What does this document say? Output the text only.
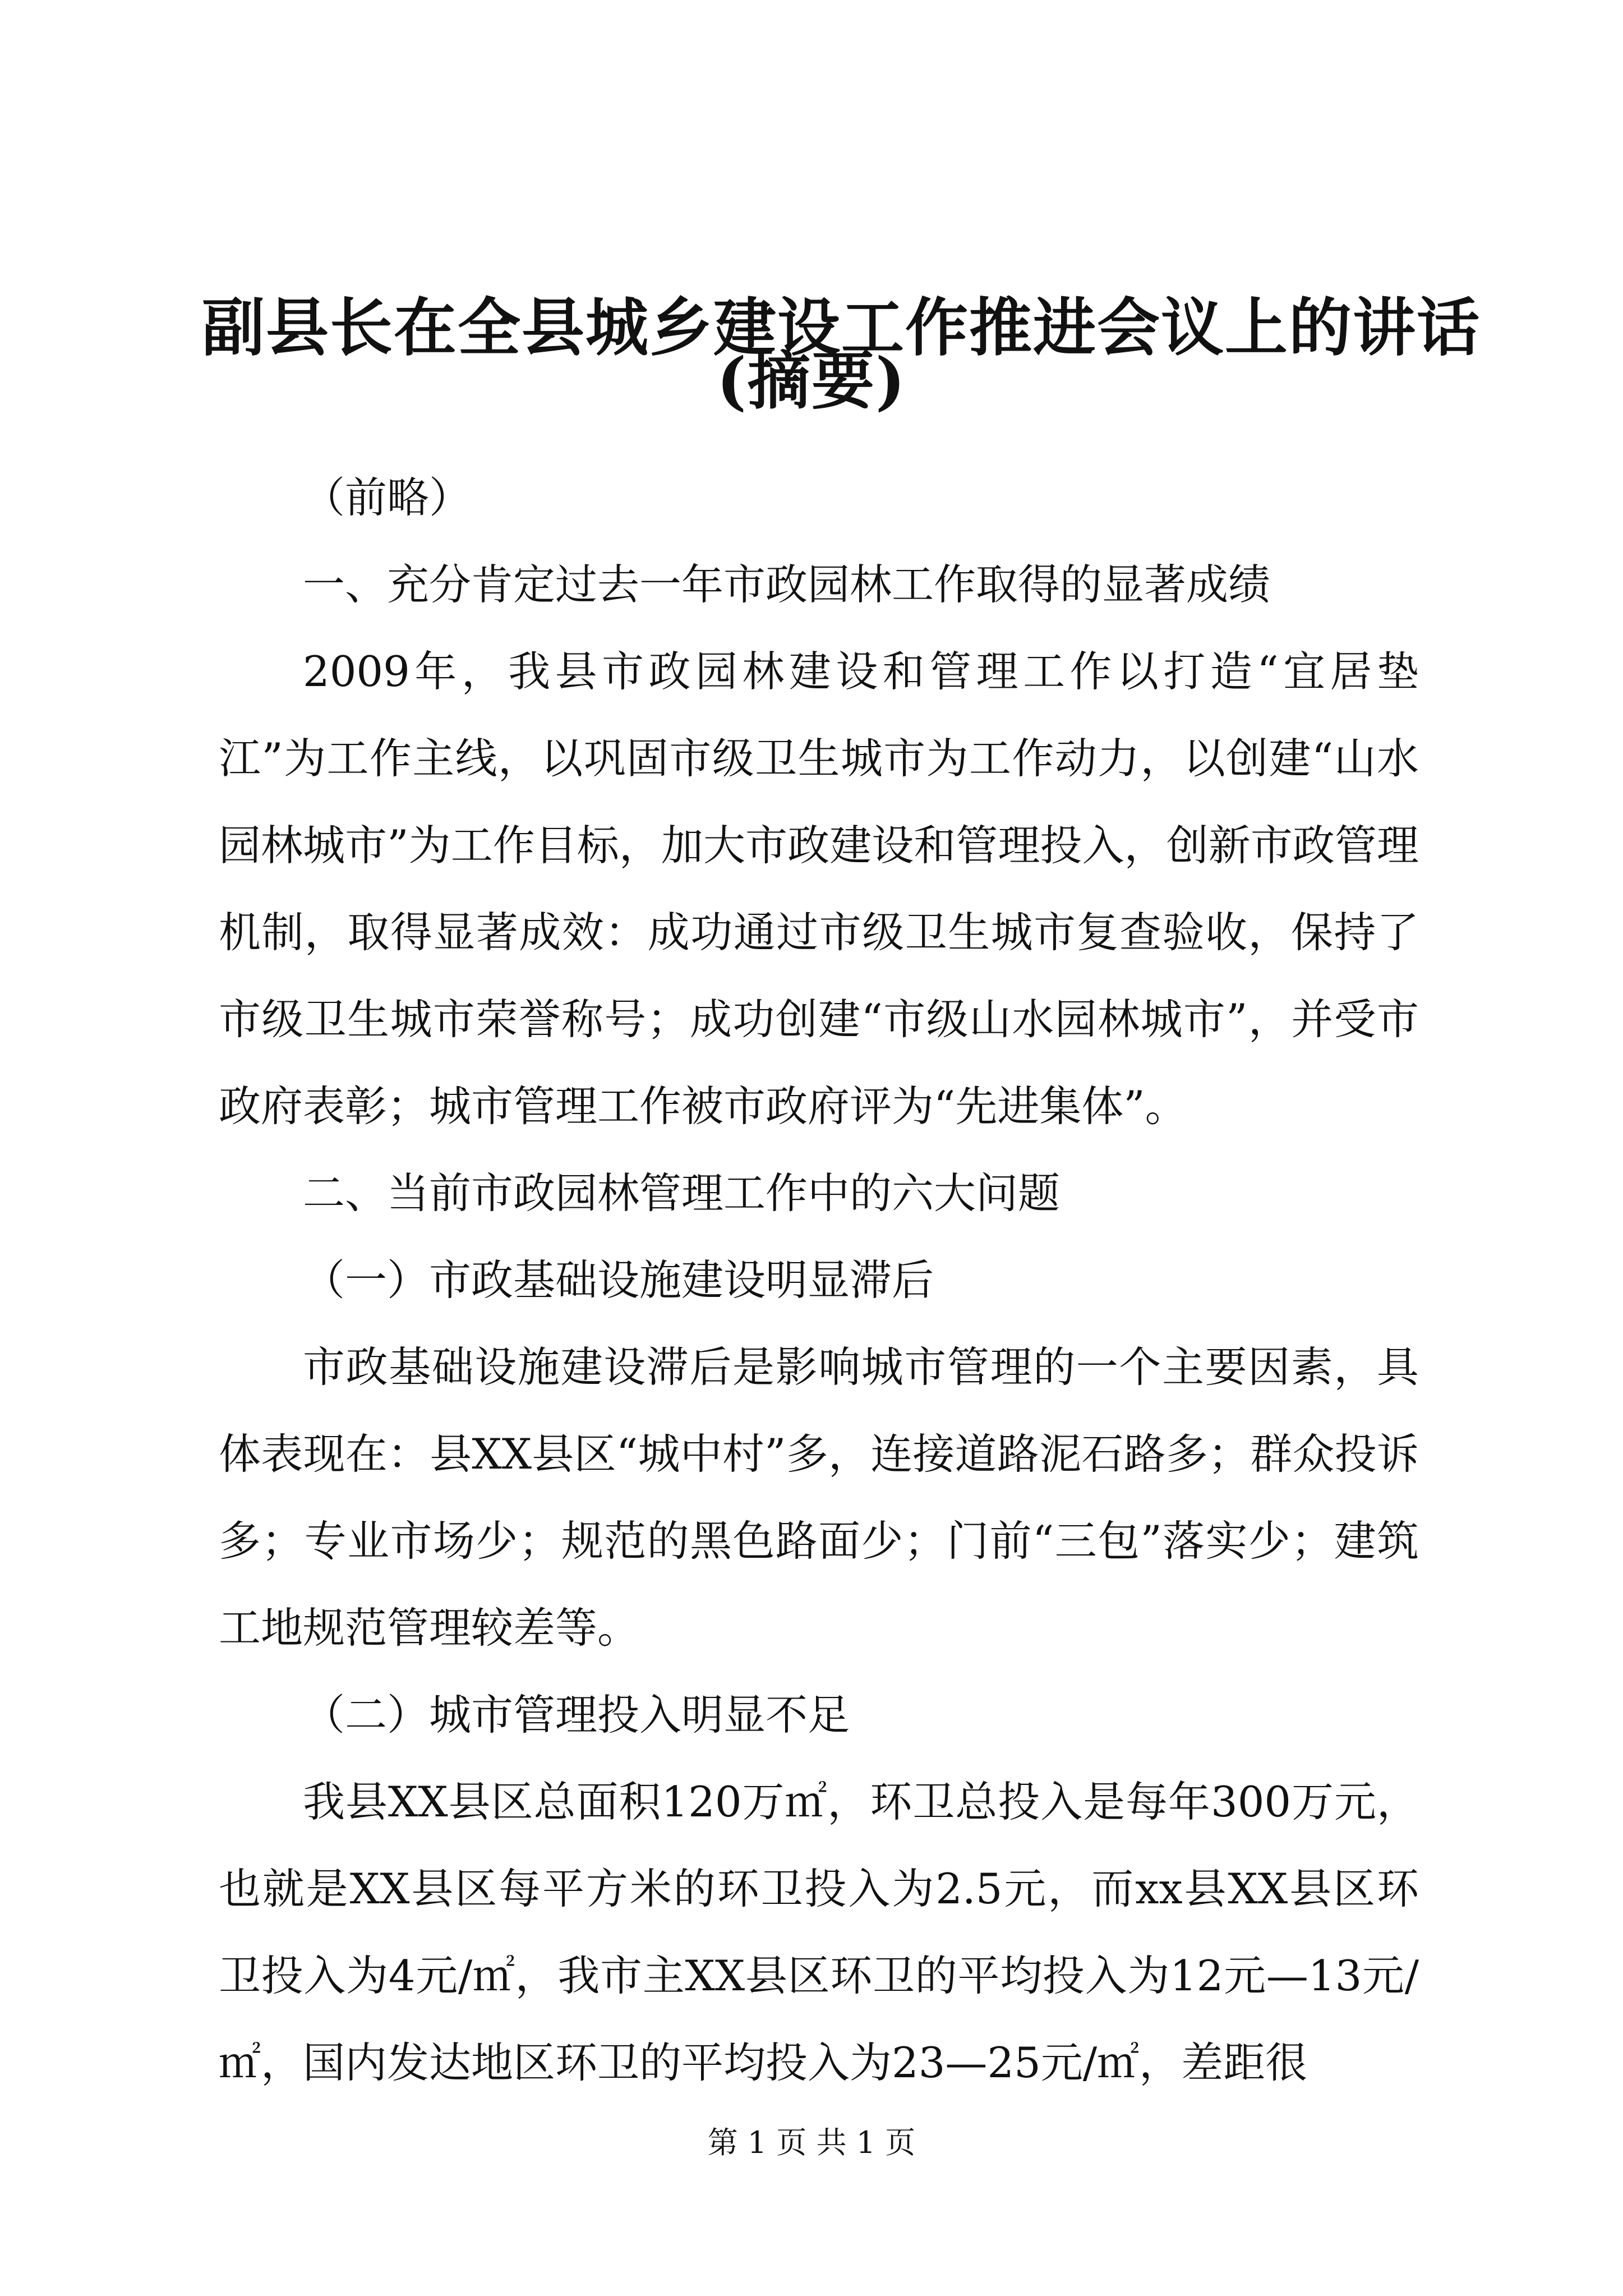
副县长在全县城乡建设工作推进会议上的讲话
(摘要)

（前略）

一、充分肯定过去一年市政园林工作取得的显著成绩

2009年，我县市政园林建设和管理工作以打造“宜居垫江”为工作主线，以巩固市级卫生城市为工作动力，以创建“山水园林城市”为工作目标，加大市政建设和管理投入，创新市政管理机制，取得显著成效：成功通过市级卫生城市复查验收，保持了市级卫生城市荣誉称号；成功创建“市级山水园林城市”，并受市政府表彰；城市管理工作被市政府评为“先进集体”。

二、当前市政园林管理工作中的六大问题

（一）市政基础设施建设明显滞后

市政基础设施建设滞后是影响城市管理的一个主要因素，具体表现在：县XX县区“城中村”多，连接道路泥石路多；群众投诉多；专业市场少；规范的黑色路面少；门前“三包”落实少；建筑工地规范管理较差等。

（二）城市管理投入明显不足

我县XX县区总面积120万㎡，环卫总投入是每年300万元，也就是XX县区每平方米的环卫投入为2.5元，而xx县XX县区环卫投入为4元/㎡，我市主XX县区环卫的平均投入为12元—13元/㎡，国内发达地区环卫的平均投入为23—25元/㎡，差距很

第 1 页 共 1 页
